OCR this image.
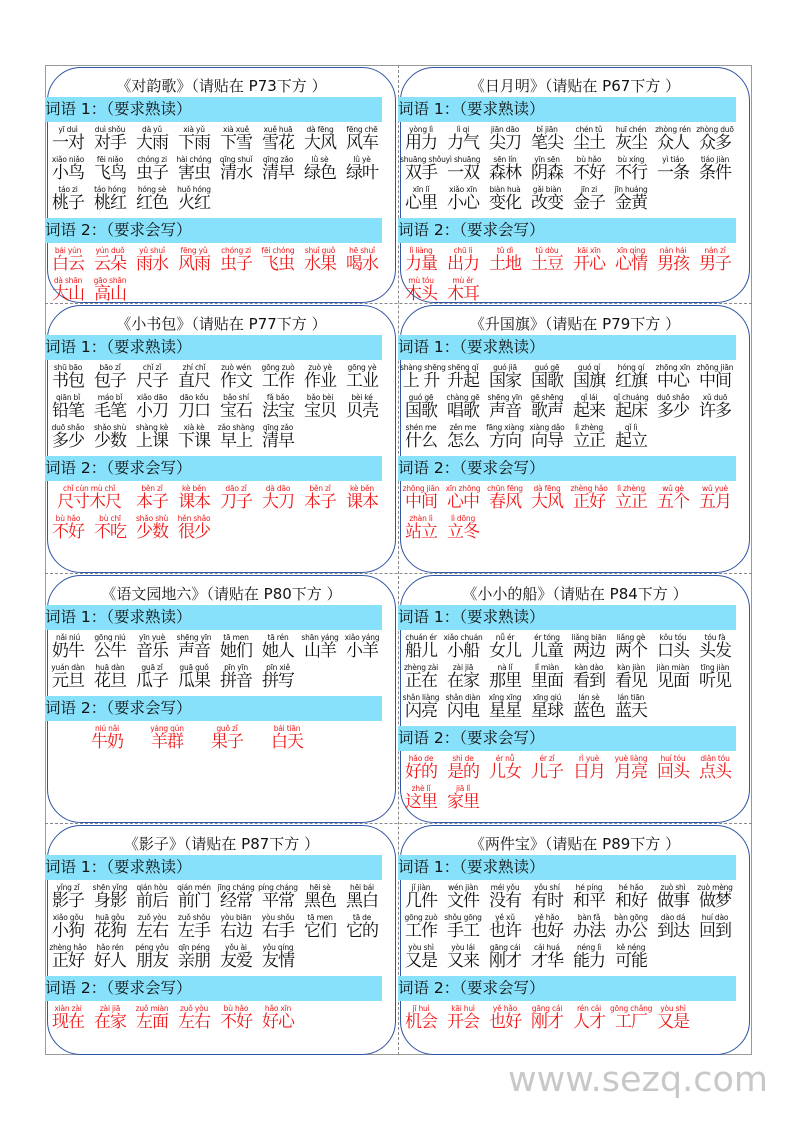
《对韵歌》（请贴在 P73下方 ）
词语 1：（要求熟读）
yī duì
一对
duì shǒu
对手
dà yǔ
大雨
xià yǔ
下雨
xià xuě
下雪
xuě huā
雪花
dà fēng
大风
fēng chē
风车
xiǎo niǎo
小鸟
fēi niǎo
飞鸟
chóng zi
虫子
hài chóng
害虫
qīng shuǐ
清水
qīng zǎo
清早
lǜ sè
绿色
lǜ yè
绿叶
táo zi
桃子
táo hóng
桃红
hóng sè
红色
huǒ hóng
火红
词语 2：（要求会写）
bái yún
白云
yún duǒ
云朵
yǔ shuǐ
雨水
fēng yǔ
风雨
chóng zi
虫子
fēi chóng
飞虫
shuǐ guǒ
水果
hē shuǐ
喝水
dà shān
大山
gāo shān
高山
《日月明》（请贴在 P67下方 ）
词语 1：（要求熟读）
yòng lì
用力
lì qi
力气
jiān dāo
尖刀
bǐ jiān
笔尖
chén tǔ
尘土
huī chén
灰尘
zhòng rén
众人
zhòng duō
众多
shuāng shǒu
双手
yì shuāng
一双
sēn lín
森林
yīn sēn
阴森
bù hǎo
不好
bù xíng
不行
yì tiáo
一条
tiáo jiàn
条件
xīn lǐ
心里
xiǎo xīn
小心
biàn huà
变化
gǎi biàn
改变
jīn zi
金子
jīn huáng
金黄
词语 2：（要求会写）
lì liàng
力量
chū lì
出力
tǔ dì
土地
tǔ dòu
土豆
kāi xīn
开心
xīn qíng
心情
nán hái
男孩
nán zǐ
男子
mù tóu
木头
mù ěr
木耳
《小书包》（请贴在 P77下方 ）
词语 1：（要求熟读）
shū bāo
书包
bāo zǐ
包子
chǐ zǐ
尺子
zhí chǐ
直尺
zuò wén
作文
gōng zuò
工作
zuò yè
作业
gōng yè
工业
qiān bǐ
铅笔
máo bǐ
毛笔
xiǎo dāo
小刀
dāo kǒu
刀口
bǎo shí
宝石
fǎ bǎo
法宝
bǎo bèi
宝贝
bèi ké
贝壳
duō shǎo
多少
shǎo shù
少数
shàng kè
上课
xià kè
下课
zǎo shàng
早上
qīng zǎo
清早
词语 2：（要求会写）
chǐ cùn mù chǐ
尺寸木尺
běn zǐ
本子
kè běn
课本
dāo zǐ
刀子
dà dāo
大刀
běn zǐ
本子
kè běn
课本
bù hǎo
不好
bù chī
不吃
shǎo shù
少数
hěn shǎo
很少
《升国旗》（请贴在 P79下方 ）
词语 1：（要求熟读）
shàng shēng
上 升
shēng qǐ
升起
guó jiā
国家
guó gē
国歌
guó qí
国旗
hóng qí
红旗
zhōng xīn
中心
zhōng jiān
中间
guó gē
国歌
chàng gē
唱歌
shēng yīn
声音
gē shēng
歌声
qǐ lái
起来
qǐ chuáng
起床
duō shǎo
多少
xǔ duō
许多
shén me
什么
zěn me
怎么
fāng xiàng
方向
xiàng dǎo
向导
lì zhèng
立正
qǐ lì
起立
词语 2：（要求会写）
zhōng jiān
中间
xīn zhōng
心中
chūn fēng
春风
dà fēng
大风
zhèng hǎo
正好
lì zhèng
立正
wǔ gè
五个
wǔ yuè
五月
zhàn lì
站立
lì dōng
立冬
《语文园地六》（请贴在 P80下方 ）
词语 1：（要求熟读）
nǎi niú
奶牛
gōng niú
公牛
yīn yuè
音乐
shēng yīn
声音
tā men
她们
tā rén
她人
shān yáng
山羊
xiǎo yáng
小羊
yuán dàn
元旦
huā dàn
花旦
guā zǐ
瓜子
guā guǒ
瓜果
pīn yīn
拼音
pīn xiě
拼写
词语 2：（要求会写）
niú nǎi
牛奶
yáng qún
羊群
guǒ zǐ
果子
bái tiān
白天
《小小的船》（请贴在 P84下方 ）
词语 1：（要求熟读）
chuán ér
船儿
xiǎo chuán
小船
nǚ ér
女儿
ér tóng
儿童
liǎng biān
两边
liǎng gè
两个
kǒu tóu
口头
tóu fà
头发
zhèng zài
正在
zài jiā
在家
nà lǐ
那里
lǐ miàn
里面
kàn dào
看到
kàn jiàn
看见
jiàn miàn
见面
tīng jiàn
听见
shǎn liàng
闪亮
shǎn diàn
闪电
xīng xīng
星星
xīng qiú
星球
lán sè
蓝色
lán tiān
蓝天
词语 2：（要求会写）
hǎo de
好的
shì de
是的
ér nǚ
儿女
ér zǐ
儿子
rì yuè
日月
yuè liàng
月亮
huí tóu
回头
diǎn tóu
点头
zhè lǐ
这里
jiā lǐ
家里
《影子》（请贴在 P87下方 ）
词语 1：（要求熟读）
yǐng zǐ
影子
shēn yǐng
身影
qián hòu
前后
qián mén
前门
jīng cháng
经常
píng cháng
平常
hēi sè
黑色
hēi bái
黑白
xiǎo gǒu
小狗
huā gǒu
花狗
zuǒ yòu
左右
zuǒ shǒu
左手
yòu biān
右边
yòu shǒu
右手
tā men
它们
tā de
它的
zhèng hǎo
正好
hǎo rén
好人
péng yǒu
朋友
qīn péng
亲朋
yǒu ài
友爱
yǒu qíng
友情
词语 2：（要求会写）
xiàn zài
现在
zài jiā
在家
zuǒ miàn
左面
zuǒ yòu
左右
bù hǎo
不好
hǎo xīn
好心
《两件宝》（请贴在 P89下方 ）
词语 1：（要求熟读）
jǐ jiàn
几件
wén jiàn
文件
méi yǒu
没有
yǒu shí
有时
hé píng
和平
hé hǎo
和好
zuò shì
做事
zuò mèng
做梦
gōng zuò
工作
shǒu gōng
手工
yě xǔ
也许
yě hǎo
也好
bàn fǎ
办法
bàn gōng
办公
dào dá
到达
huí dào
回到
yòu shì
又是
yòu lái
又来
gāng cái
刚才
cái huá
才华
néng lì
能力
kě néng
可能
词语 2：（要求会写）
jī huì
机会
kāi huì
开会
yě hǎo
也好
gāng cái
刚才
rén cái
人才
gōng chǎng
工厂
yòu shì
又是
www.sezq.com
